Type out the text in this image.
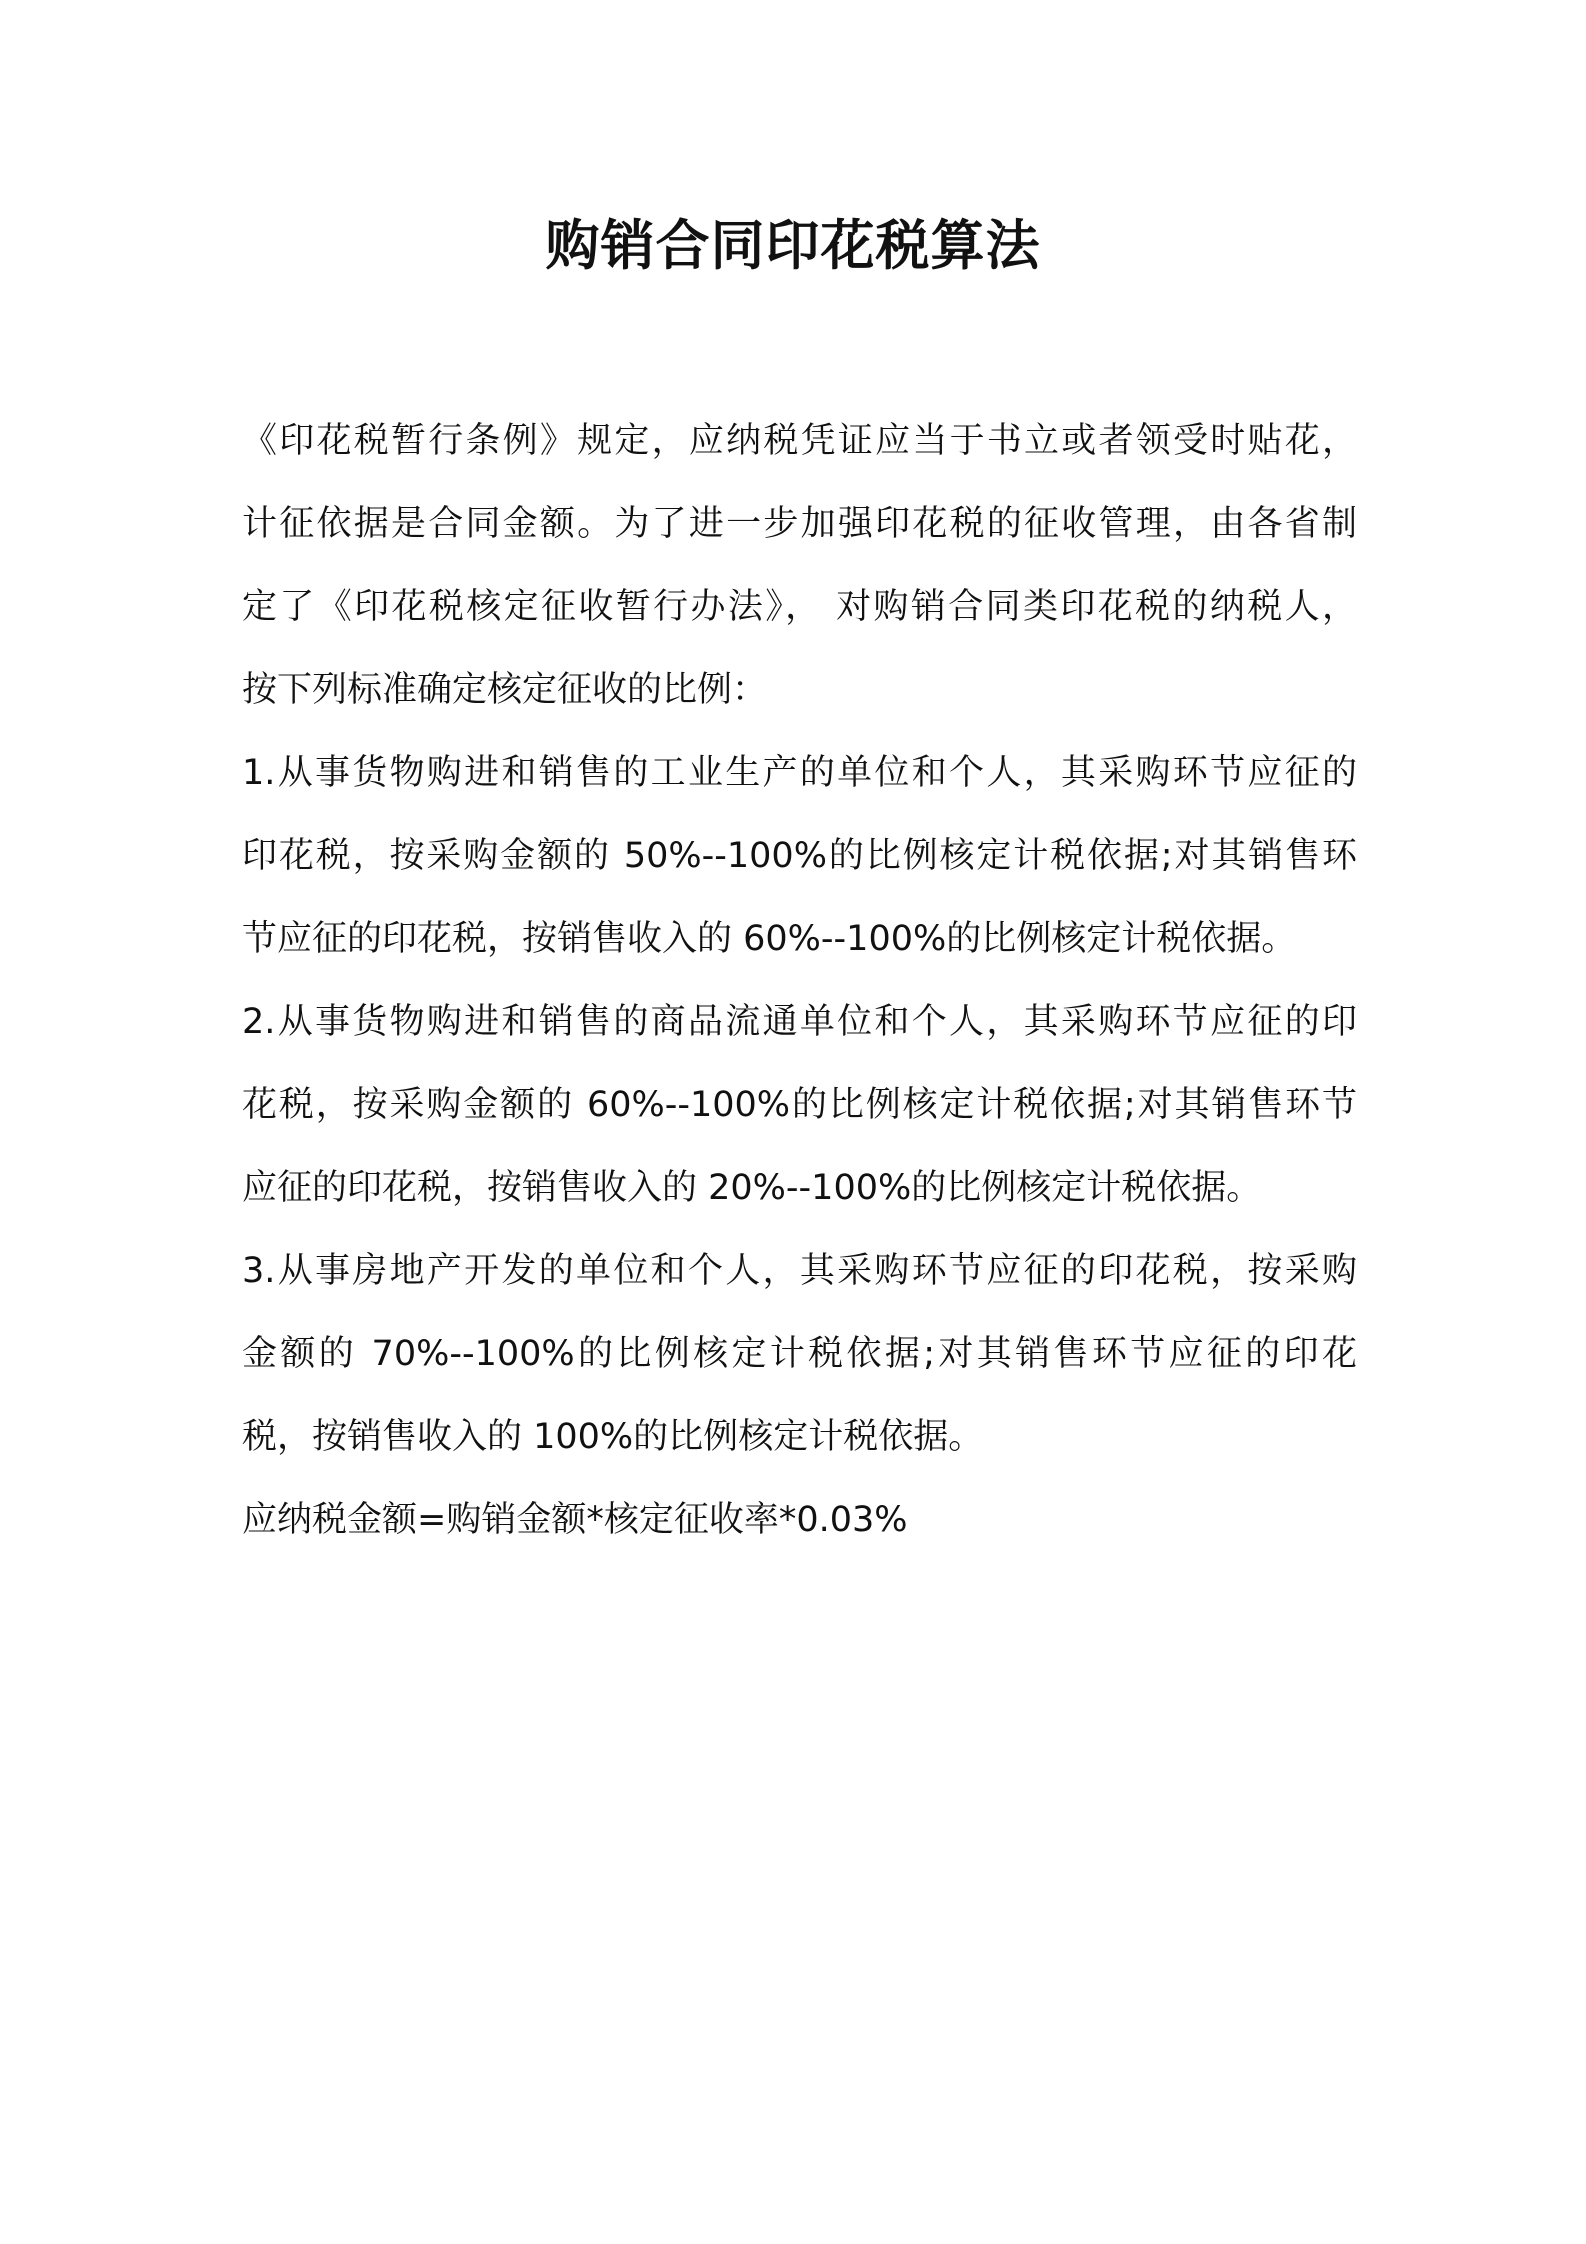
购销合同印花税算法

《印花税暂行条例》规定，应纳税凭证应当于书立或者领受时贴花，
计征依据是合同金额。为了进一步加强印花税的征收管理，由各省制
定了《印花税核定征收暂行办法》， 对购销合同类印花税的纳税人，
按下列标准确定核定征收的比例：

1.从事货物购进和销售的工业生产的单位和个人，其采购环节应征的
印花税，按采购金额的 50%--100%的比例核定计税依据;对其销售环
节应征的印花税，按销售收入的 60%--100%的比例核定计税依据。

2.从事货物购进和销售的商品流通单位和个人，其采购环节应征的印
花税，按采购金额的 60%--100%的比例核定计税依据;对其销售环节
应征的印花税，按销售收入的 20%--100%的比例核定计税依据。

3.从事房地产开发的单位和个人，其采购环节应征的印花税，按采购
金额的 70%--100%的比例核定计税依据;对其销售环节应征的印花
税，按销售收入的 100%的比例核定计税依据。

应纳税金额=购销金额*核定征收率*0.03%
